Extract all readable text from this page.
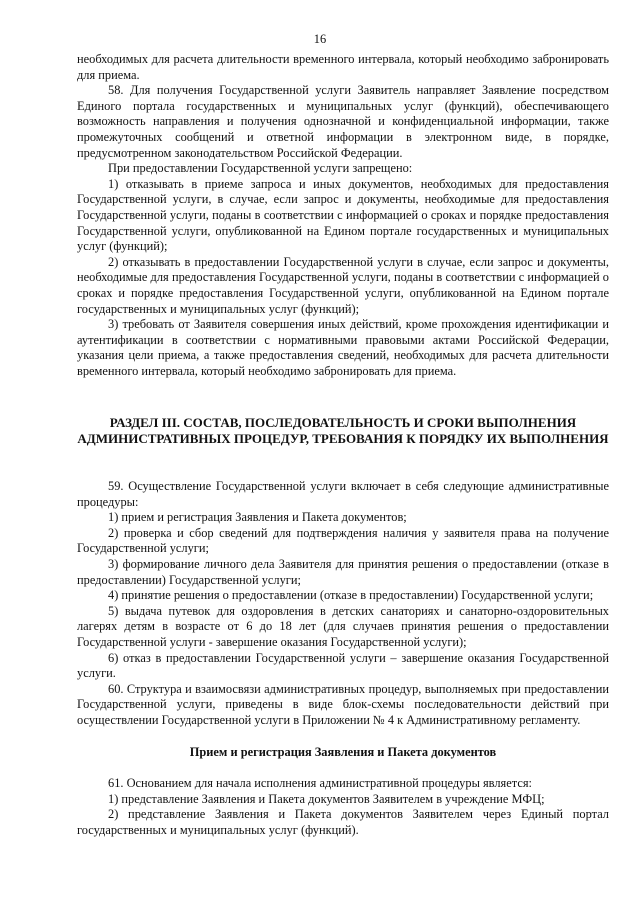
16

необходимых для расчета длительности временного интервала, который необходимо забронировать для приема.

58. Для получения Государственной услуги Заявитель направляет Заявление посредством Единого портала государственных и муниципальных услуг (функций), обеспечивающего возможность направления и получения однозначной и конфиденциальной информации, также промежуточных сообщений и ответной информации в электронном виде, в порядке, предусмотренном законодательством Российской Федерации.

При предоставлении Государственной услуги запрещено:

1) отказывать в приеме запроса и иных документов, необходимых для предоставления Государственной услуги, в случае, если запрос и документы, необходимые для предоставления Государственной услуги, поданы в соответствии с информацией о сроках и порядке предоставления Государственной услуги, опубликованной на Едином портале государственных и муниципальных услуг (функций);

2) отказывать в предоставлении Государственной услуги в случае, если запрос и документы, необходимые для предоставления Государственной услуги, поданы в соответствии с информацией о сроках и порядке предоставления Государственной услуги, опубликованной на Едином портале государственных и муниципальных услуг (функций);

3) требовать от Заявителя совершения иных действий, кроме прохождения идентификации и аутентификации в соответствии с нормативными правовыми актами Российской Федерации, указания цели приема, а также предоставления сведений, необходимых для расчета длительности временного интервала, который необходимо забронировать для приема.

РАЗДЕЛ III. СОСТАВ, ПОСЛЕДОВАТЕЛЬНОСТЬ И СРОКИ ВЫПОЛНЕНИЯ АДМИНИСТРАТИВНЫХ ПРОЦЕДУР, ТРЕБОВАНИЯ К ПОРЯДКУ ИХ ВЫПОЛНЕНИЯ

59. Осуществление Государственной услуги включает в себя следующие административные процедуры:

1) прием и регистрация Заявления и Пакета документов;

2) проверка и сбор сведений для подтверждения наличия у заявителя права на получение Государственной услуги;

3) формирование личного дела Заявителя для принятия решения о предоставлении (отказе в предоставлении) Государственной услуги;

4) принятие решения о предоставлении (отказе в предоставлении) Государственной услуги;

5) выдача путевок для оздоровления в детских санаториях и санаторно-оздоровительных лагерях детям в возрасте от 6 до 18 лет (для случаев принятия решения о предоставлении Государственной услуги - завершение оказания Государственной услуги);

6) отказ в предоставлении Государственной услуги – завершение оказания Государственной услуги.

60. Структура и взаимосвязи административных процедур, выполняемых при предоставлении Государственной услуги, приведены в виде блок-схемы последовательности действий при осуществлении Государственной услуги в Приложении № 4 к Административному регламенту.

Прием и регистрация Заявления и Пакета документов

61. Основанием для начала исполнения административной процедуры является:

1) представление Заявления и Пакета документов Заявителем в учреждение МФЦ;

2) представление Заявления и Пакета документов Заявителем через Единый портал государственных и муниципальных услуг (функций).
